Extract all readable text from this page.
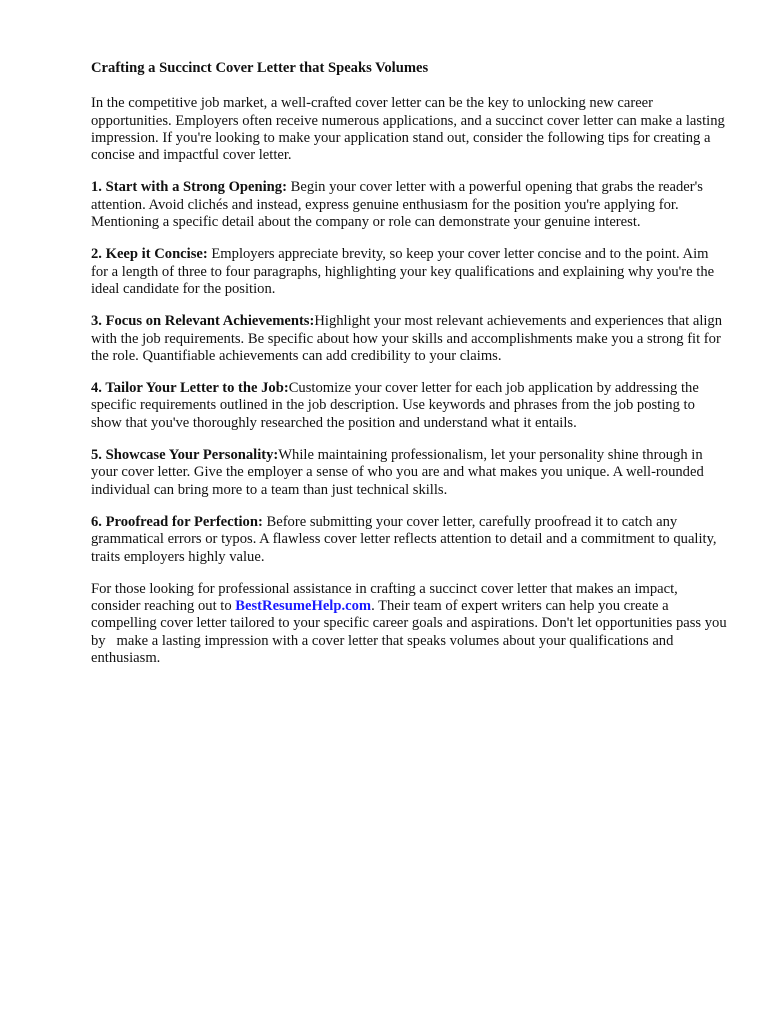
Crafting a Succinct Cover Letter that Speaks Volumes

In the competitive job market, a well-crafted cover letter can be the key to unlocking new career opportunities. Employers often receive numerous applications, and a succinct cover letter can make a lasting impression. If you're looking to make your application stand out, consider the following tips for creating a concise and impactful cover letter.

1. Start with a Strong Opening: Begin your cover letter with a powerful opening that grabs the reader's attention. Avoid clichés and instead, express genuine enthusiasm for the position you're applying for. Mentioning a specific detail about the company or role can demonstrate your genuine interest.

2. Keep it Concise: Employers appreciate brevity, so keep your cover letter concise and to the point. Aim for a length of three to four paragraphs, highlighting your key qualifications and explaining why you're the ideal candidate for the position.

3. Focus on Relevant Achievements:Highlight your most relevant achievements and experiences that align with the job requirements. Be specific about how your skills and accomplishments make you a strong fit for the role. Quantifiable achievements can add credibility to your claims.

4. Tailor Your Letter to the Job:Customize your cover letter for each job application by addressing the specific requirements outlined in the job description. Use keywords and phrases from the job posting to show that you've thoroughly researched the position and understand what it entails.

5. Showcase Your Personality:While maintaining professionalism, let your personality shine through in your cover letter. Give the employer a sense of who you are and what makes you unique. A well-rounded individual can bring more to a team than just technical skills.

6. Proofread for Perfection: Before submitting your cover letter, carefully proofread it to catch any grammatical errors or typos. A flawless cover letter reflects attention to detail and a commitment to quality, traits employers highly value.

For those looking for professional assistance in crafting a succinct cover letter that makes an impact, consider reaching out to BestResumeHelp.com. Their team of expert writers can help you create a compelling cover letter tailored to your specific career goals and aspirations. Don't let opportunities pass you by   make a lasting impression with a cover letter that speaks volumes about your qualifications and enthusiasm.
